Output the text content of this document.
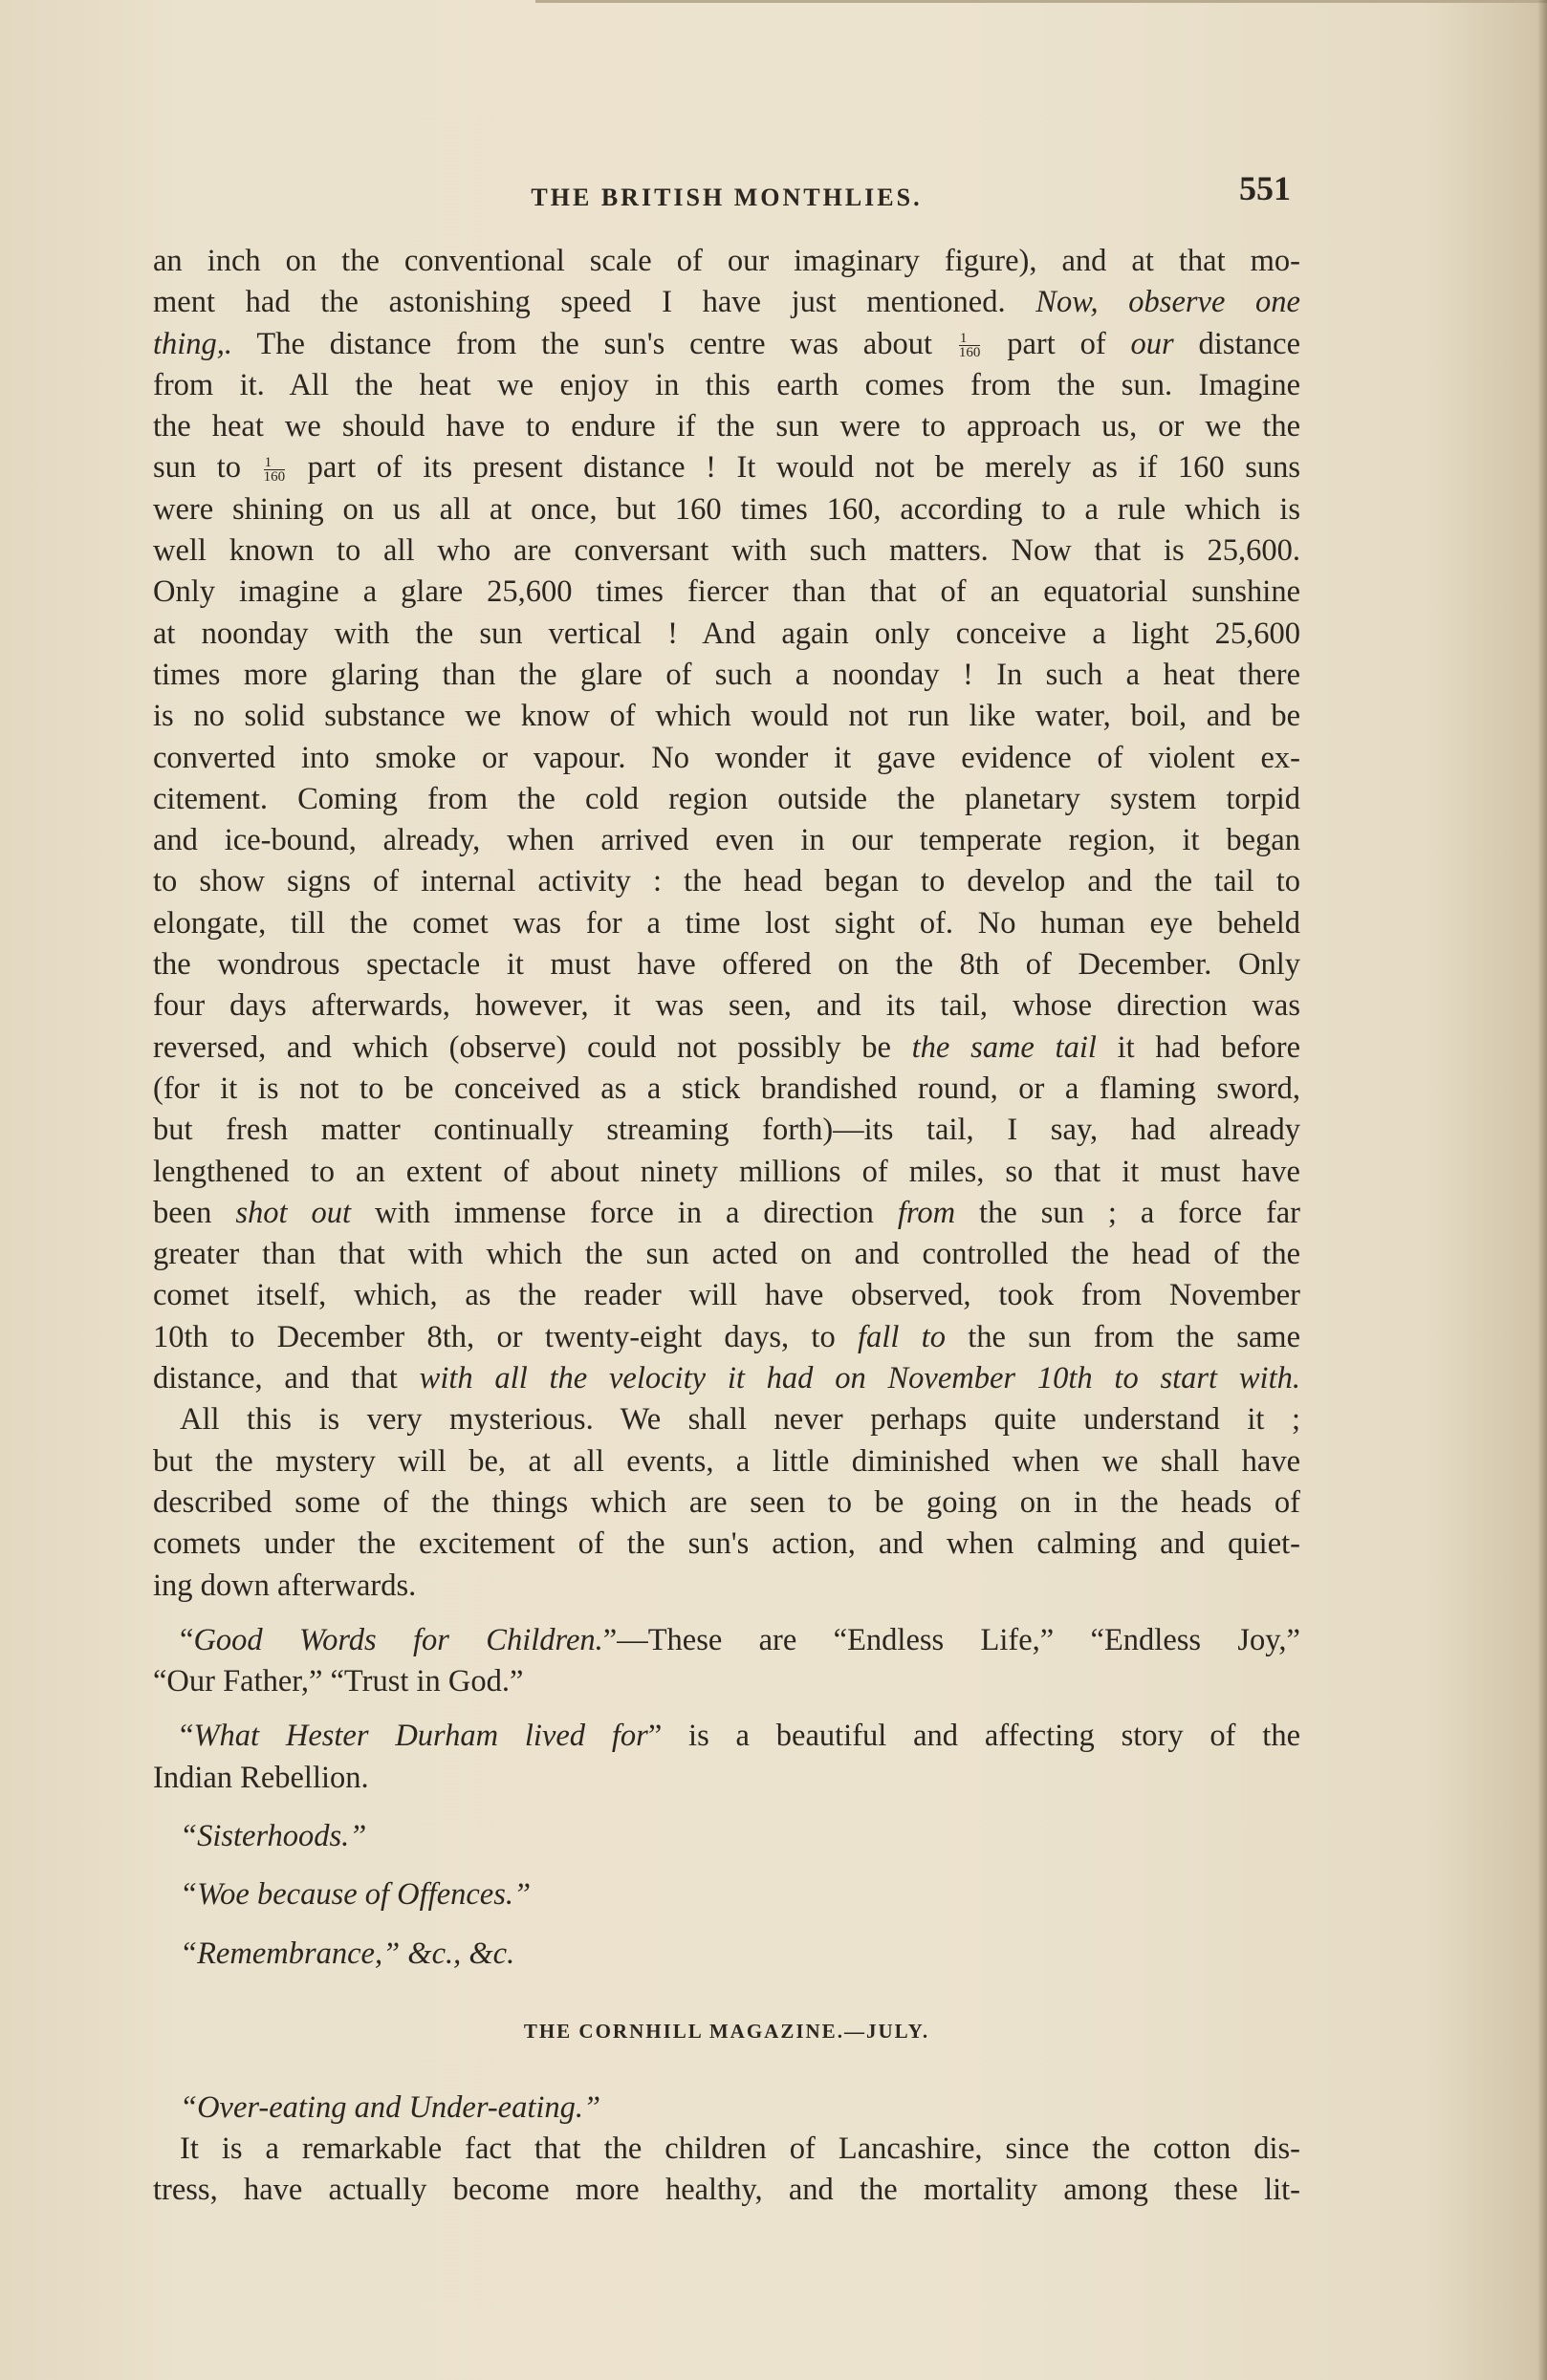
THE BRITISH MONTHLIES.	551

an inch on the conventional scale of our imaginary figure), and at that mo-
ment had the astonishing speed I have just mentioned. Now, observe one
thing,. The distance from the sun's centre was about $\frac{1}{160}$ part of our distance
from it. All the heat we enjoy in this earth comes from the sun. Imagine
the heat we should have to endure if the sun were to approach us, or we the
sun to $\frac{1}{160}$ part of its present distance ! It would not be merely as if 160 suns
were shining on us all at once, but 160 times 160, according to a rule which is
well known to all who are conversant with such matters. Now that is 25,600.
Only imagine a glare 25,600 times fiercer than that of an equatorial sunshine
at noonday with the sun vertical ! And again only conceive a light 25,600
times more glaring than the glare of such a noonday ! In such a heat there
is no solid substance we know of which would not run like water, boil, and be
converted into smoke or vapour. No wonder it gave evidence of violent ex-
citement. Coming from the cold region outside the planetary system torpid
and ice-bound, already, when arrived even in our temperate region, it began
to show signs of internal activity : the head began to develop and the tail to
elongate, till the comet was for a time lost sight of. No human eye beheld
the wondrous spectacle it must have offered on the 8th of December. Only
four days afterwards, however, it was seen, and its tail, whose direction was
reversed, and which (observe) could not possibly be the same tail it had before
(for it is not to be conceived as a stick brandished round, or a flaming sword,
but fresh matter continually streaming forth)—its tail, I say, had already
lengthened to an extent of about ninety millions of miles, so that it must have
been shot out with immense force in a direction from the sun ; a force far
greater than that with which the sun acted on and controlled the head of the
comet itself, which, as the reader will have observed, took from November
10th to December 8th, or twenty-eight days, to fall to the sun from the same
distance, and that with all the velocity it had on November 10th to start with.

All this is very mysterious. We shall never perhaps quite understand it ;
but the mystery will be, at all events, a little diminished when we shall have
described some of the things which are seen to be going on in the heads of
comets under the excitement of the sun's action, and when calming and quiet-
ing down afterwards.

“Good Words for Children.”—These are “Endless Life,” “Endless Joy,”
“Our Father,” “Trust in God.”

“What Hester Durham lived for” is a beautiful and affecting story of the
Indian Rebellion.

“Sisterhoods.”

“Woe because of Offences.”

“Remembrance,” &c., &c.

THE CORNHILL MAGAZINE.—JULY.

“Over-eating and Under-eating.”

It is a remarkable fact that the children of Lancashire, since the cotton dis-
tress, have actually become more healthy, and the mortality among these lit-
